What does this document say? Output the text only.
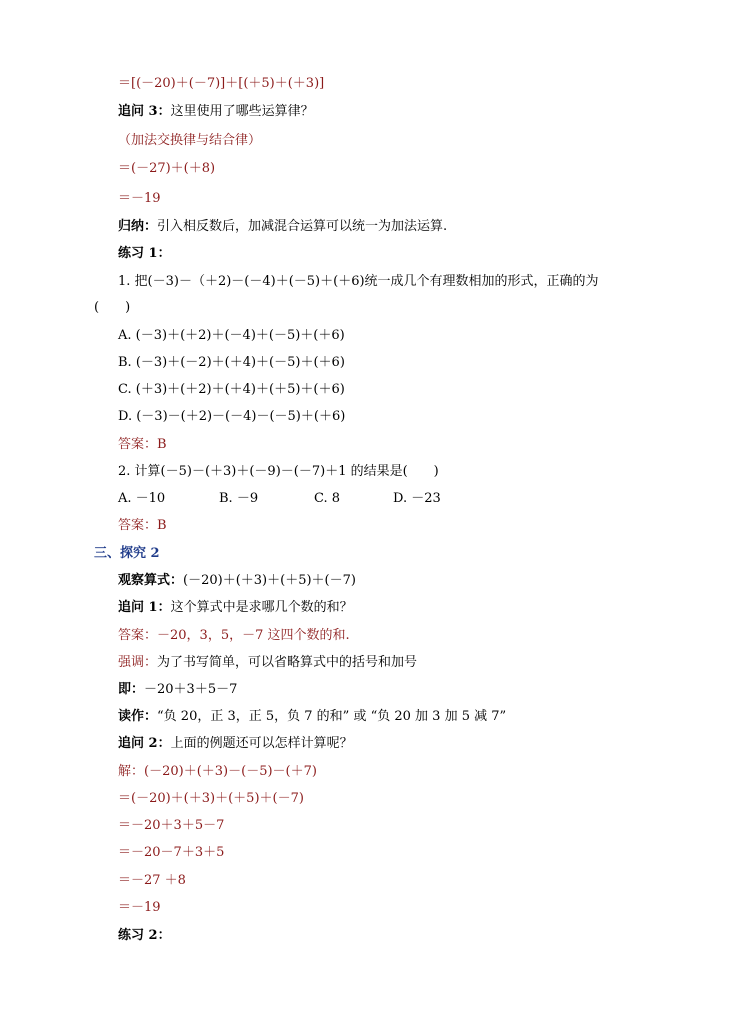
＝[(－20)＋(－7)]＋[(＋5)＋(＋3)]
追问 3：这里使用了哪些运算律？
（加法交换律与结合律）
＝(－27)＋(＋8)
＝－19
归纳：引入相反数后，加减混合运算可以统一为加法运算.
练习 1：
1. 把(－3)－（＋2)－(－4)＋(－5)＋(＋6)统一成几个有理数相加的形式，正确的为
(　　)
A. (－3)＋(＋2)＋(－4)＋(－5)＋(＋6)
B. (－3)＋(－2)＋(＋4)＋(－5)＋(＋6)
C. (＋3)＋(＋2)＋(＋4)＋(＋5)＋(＋6)
D. (－3)－(＋2)－(－4)－(－5)＋(＋6)
答案：B
2. 计算(－5)－(＋3)＋(－9)－(－7)＋1 的结果是(　　)
A. －10	B. －9	C. 8	D. －23
答案：B
三、探究 2
观察算式：(－20)＋(＋3)＋(＋5)＋(－7)
追问 1：这个算式中是求哪几个数的和？
答案：－20，3，5，－7 这四个数的和.
强调：为了书写简单，可以省略算式中的括号和加号
即：－20＋3＋5－7
读作：“负 20，正 3，正 5，负 7 的和” 或 “负 20 加 3 加 5 减 7”
追问 2：上面的例题还可以怎样计算呢？
解：(－20)＋(＋3)－(－5)－(＋7)
＝(－20)＋(＋3)＋(＋5)＋(－7)
＝－20＋3＋5－7
＝－20－7＋3＋5
＝－27 ＋8
＝－19
练习 2：
